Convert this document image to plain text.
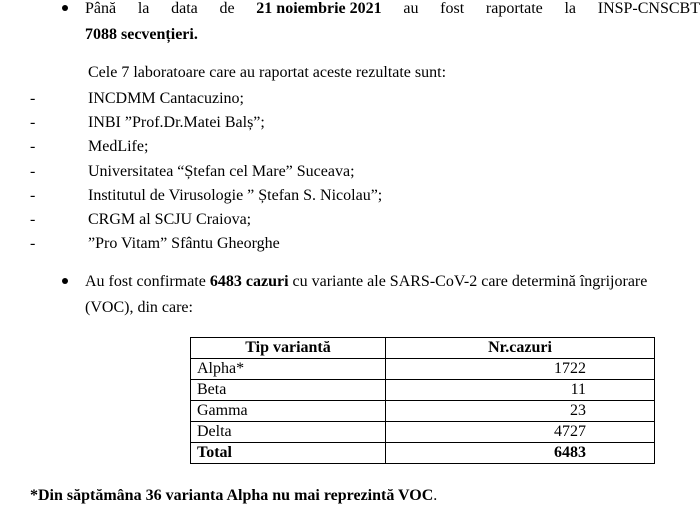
Până la data de 21 noiembrie 2021 au fost raportate la INSP-CNSCBT
7088 secvențieri.
Cele 7 laboratoare care au raportat aceste rezultate sunt:
-	INCDMM Cantacuzino;
-	INBI ”Prof.Dr.Matei Balș”;
-	MedLife;
-	Universitatea “Ștefan cel Mare” Suceava;
-	Institutul de Virusologie ” Ștefan S. Nicolau”;
-	CRGM al SCJU Craiova;
-	”Pro Vitam” Sfântu Gheorghe
Au fost confirmate 6483 cazuri cu variante ale SARS-CoV-2 care determină îngrijorare
(VOC), din care:
Tip variantă	Nr.cazuri
Alpha*	1722
Beta	11
Gamma	23
Delta	4727
Total	6483
*Din săptămâna 36 varianta Alpha nu mai reprezintă VOC.
